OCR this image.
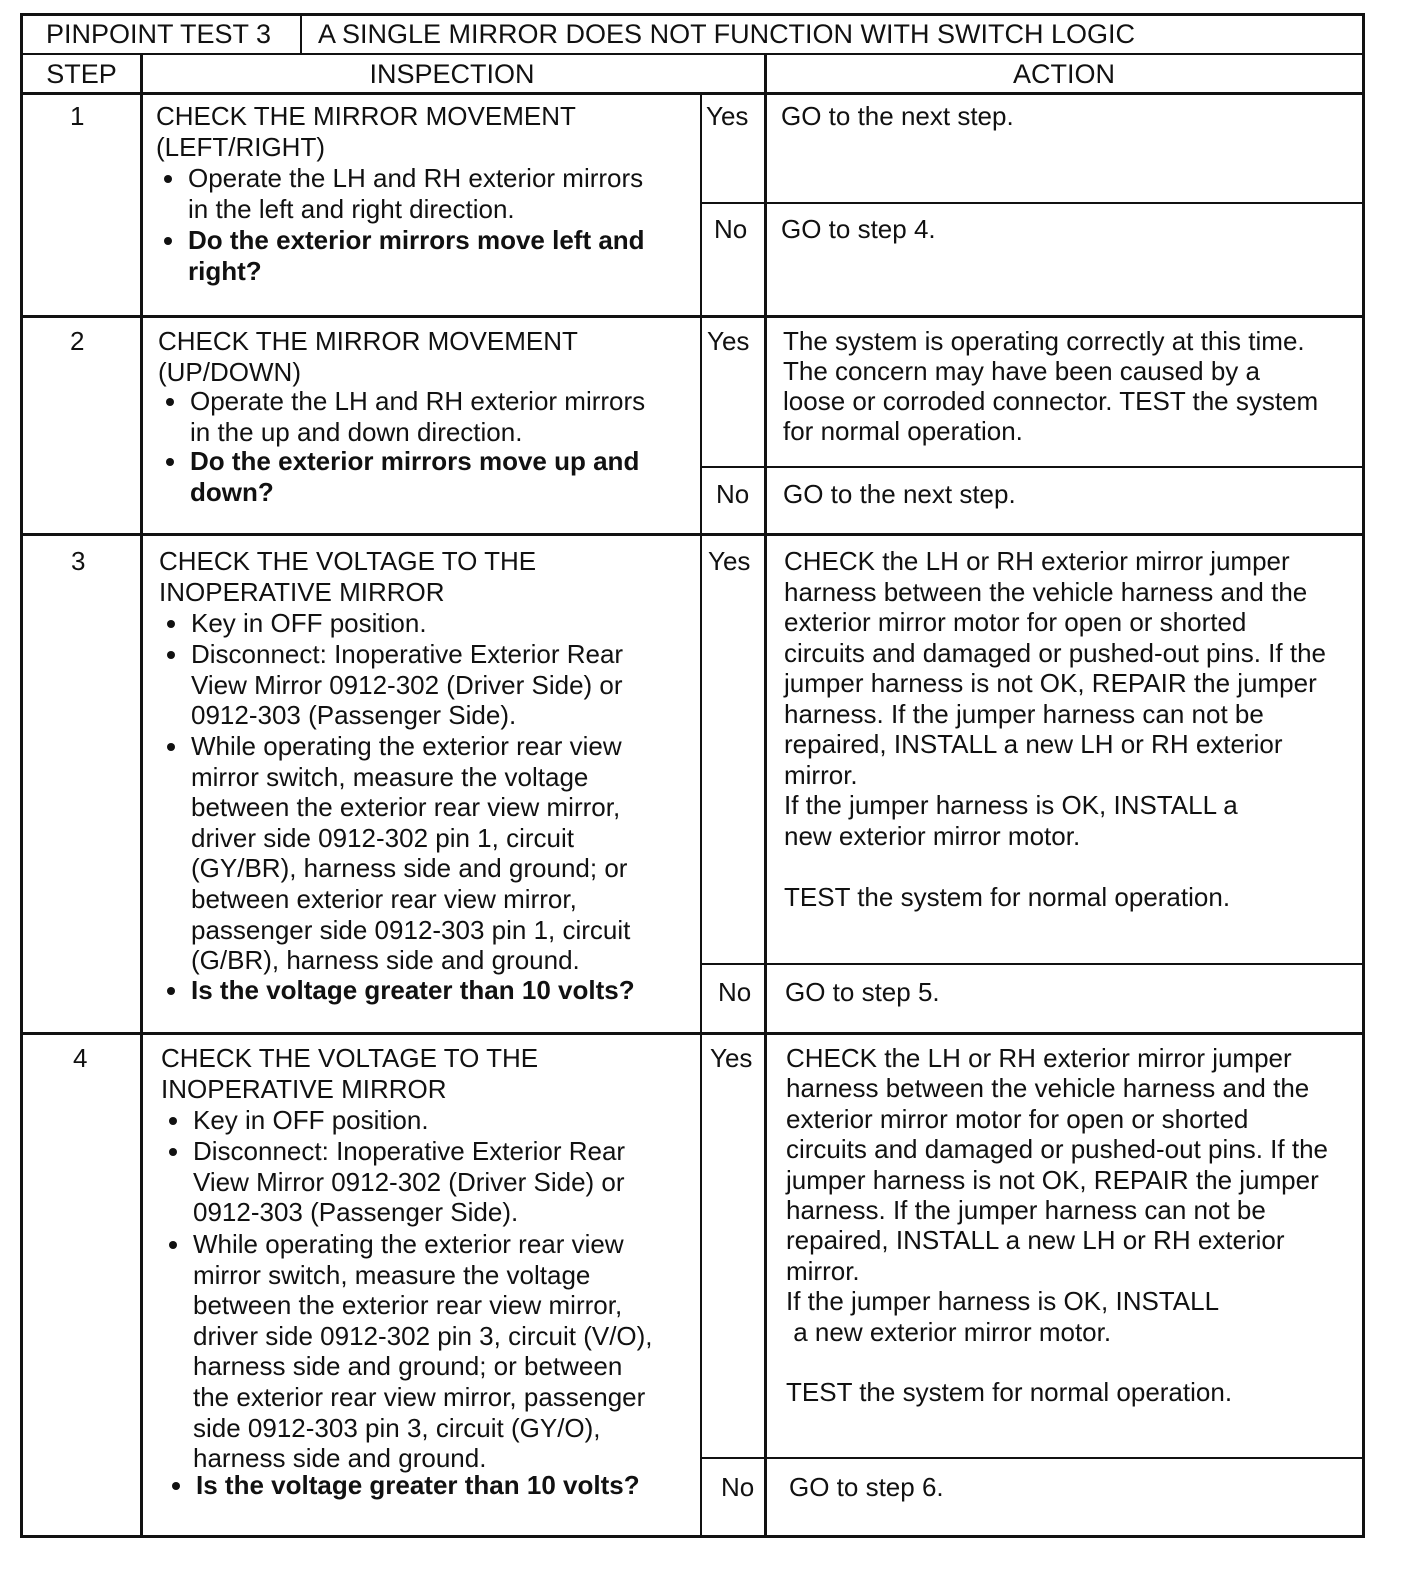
PINPOINT TEST 3 A SINGLE MIRROR DOES NOT FUNCTION WITH SWITCH LOGIC
STEP	INSPECTION	ACTION
1	CHECK THE MIRROR MOVEMENT
(LEFT/RIGHT)
Operate the LH and RH exterior mirrors
in the left and right direction.
Do the exterior mirrors move left and
right?
Yes GO to the next step.
No GO to step 4.
2	CHECK THE MIRROR MOVEMENT
(UP/DOWN)
Operate the LH and RH exterior mirrors
in the up and down direction.
Do the exterior mirrors move up and
down?
Yes The system is operating correctly at this time.
The concern may have been caused by a
loose or corroded connector. TEST the system
for normal operation.
No GO to the next step.
3	CHECK THE VOLTAGE TO THE
INOPERATIVE MIRROR
Key in OFF position.
Disconnect: Inoperative Exterior Rear
View Mirror 0912-302 (Driver Side) or
0912-303 (Passenger Side).
While operating the exterior rear view
mirror switch, measure the voltage
between the exterior rear view mirror,
driver side 0912-302 pin 1, circuit
(GY/BR), harness side and ground; or
between exterior rear view mirror,
passenger side 0912-303 pin 1, circuit
(G/BR), harness side and ground.
Is the voltage greater than 10 volts?
Yes CHECK the LH or RH exterior mirror jumper
harness between the vehicle harness and the
exterior mirror motor for open or shorted
circuits and damaged or pushed-out pins. If the
jumper harness is not OK, REPAIR the jumper
harness. If the jumper harness can not be
repaired, INSTALL a new LH or RH exterior
mirror.
If the jumper harness is OK, INSTALL a
new exterior mirror motor.
TEST the system for normal operation.
No GO to step 5.
4	CHECK THE VOLTAGE TO THE
INOPERATIVE MIRROR
Key in OFF position.
Disconnect: Inoperative Exterior Rear
View Mirror 0912-302 (Driver Side) or
0912-303 (Passenger Side).
While operating the exterior rear view
mirror switch, measure the voltage
between the exterior rear view mirror,
driver side 0912-302 pin 3, circuit (V/O),
harness side and ground; or between
the exterior rear view mirror, passenger
side 0912-303 pin 3, circuit (GY/O),
harness side and ground.
Is the voltage greater than 10 volts?
Yes CHECK the LH or RH exterior mirror jumper
harness between the vehicle harness and the
exterior mirror motor for open or shorted
circuits and damaged or pushed-out pins. If the
jumper harness is not OK, REPAIR the jumper
harness. If the jumper harness can not be
repaired, INSTALL a new LH or RH exterior
mirror.
If the jumper harness is OK, INSTALL
a new exterior mirror motor.
TEST the system for normal operation.
No GO to step 6.
